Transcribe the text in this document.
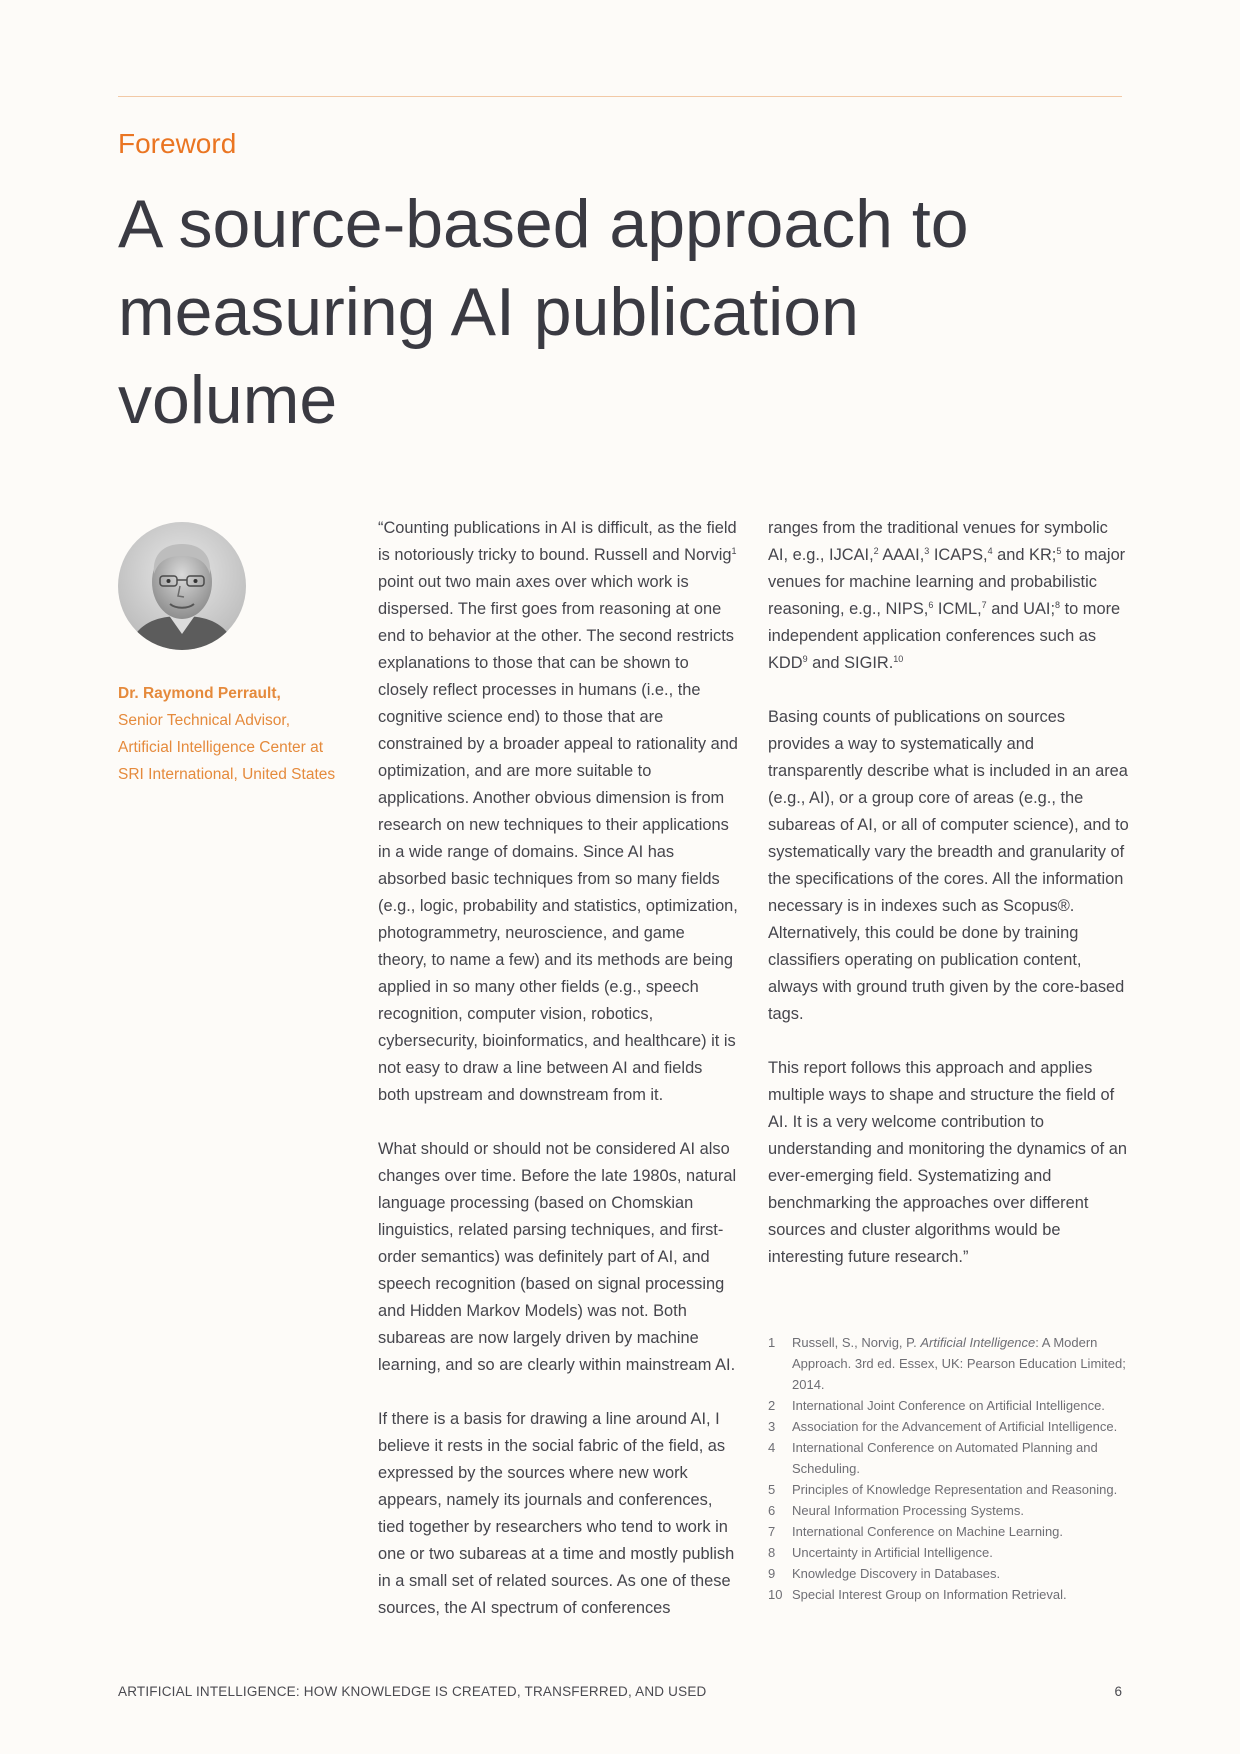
Foreword
A source-based approach to measuring AI publication volume
Dr. Raymond Perrault,
Senior Technical Advisor,
Artificial Intelligence Center at
SRI International, United States

“Counting publications in AI is difficult, as the field is notoriously tricky to bound. Russell and Norvig$^1$ point out two main axes over which work is dispersed. The first goes from reasoning at one end to behavior at the other. The second restricts explanations to those that can be shown to closely reflect processes in humans (i.e., the cognitive science end) to those that are constrained by a broader appeal to rationality and optimization, and are more suitable to applications. Another obvious dimension is from research on new techniques to their applications in a wide range of domains. Since AI has absorbed basic techniques from so many fields (e.g., logic, probability and statistics, optimization, photogrammetry, neuroscience, and game theory, to name a few) and its methods are being applied in so many other fields (e.g., speech recognition, computer vision, robotics, cybersecurity, bioinformatics, and healthcare) it is not easy to draw a line between AI and fields both upstream and downstream from it.

What should or should not be considered AI also changes over time. Before the late 1980s, natural language processing (based on Chomskian linguistics, related parsing techniques, and first-order semantics) was definitely part of AI, and speech recognition (based on signal processing and Hidden Markov Models) was not. Both subareas are now largely driven by machine learning, and so are clearly within mainstream AI.

If there is a basis for drawing a line around AI, I believe it rests in the social fabric of the field, as expressed by the sources where new work appears, namely its journals and conferences, tied together by researchers who tend to work in one or two subareas at a time and mostly publish in a small set of related sources. As one of these sources, the AI spectrum of conferences

ranges from the traditional venues for symbolic AI, e.g., IJCAI,$^2$ AAAI,$^3$ ICAPS,$^4$ and KR;$^5$ to major venues for machine learning and probabilistic reasoning, e.g., NIPS,$^6$ ICML,$^7$ and UAI;$^8$ to more independent application conferences such as KDD$^9$ and SIGIR.$^{10}$

Basing counts of publications on sources provides a way to systematically and transparently describe what is included in an area (e.g., AI), or a group core of areas (e.g., the subareas of AI, or all of computer science), and to systematically vary the breadth and granularity of the specifications of the cores. All the information necessary is in indexes such as Scopus®. Alternatively, this could be done by training classifiers operating on publication content, always with ground truth given by the core-based tags.

This report follows this approach and applies multiple ways to shape and structure the field of AI. It is a very welcome contribution to understanding and monitoring the dynamics of an ever-emerging field. Systematizing and benchmarking the approaches over different sources and cluster algorithms would be interesting future research.”

1	Russell, S., Norvig, P. Artificial Intelligence: A Modern Approach. 3rd ed. Essex, UK: Pearson Education Limited; 2014.
2	International Joint Conference on Artificial Intelligence.
3	Association for the Advancement of Artificial Intelligence.
4	International Conference on Automated Planning and Scheduling.
5	Principles of Knowledge Representation and Reasoning.
6	Neural Information Processing Systems.
7	International Conference on Machine Learning.
8	Uncertainty in Artificial Intelligence.
9	Knowledge Discovery in Databases.
10 Special Interest Group on Information Retrieval.
ARTIFICIAL INTELLIGENCE: HOW KNOWLEDGE IS CREATED, TRANSFERRED, AND USED	6
